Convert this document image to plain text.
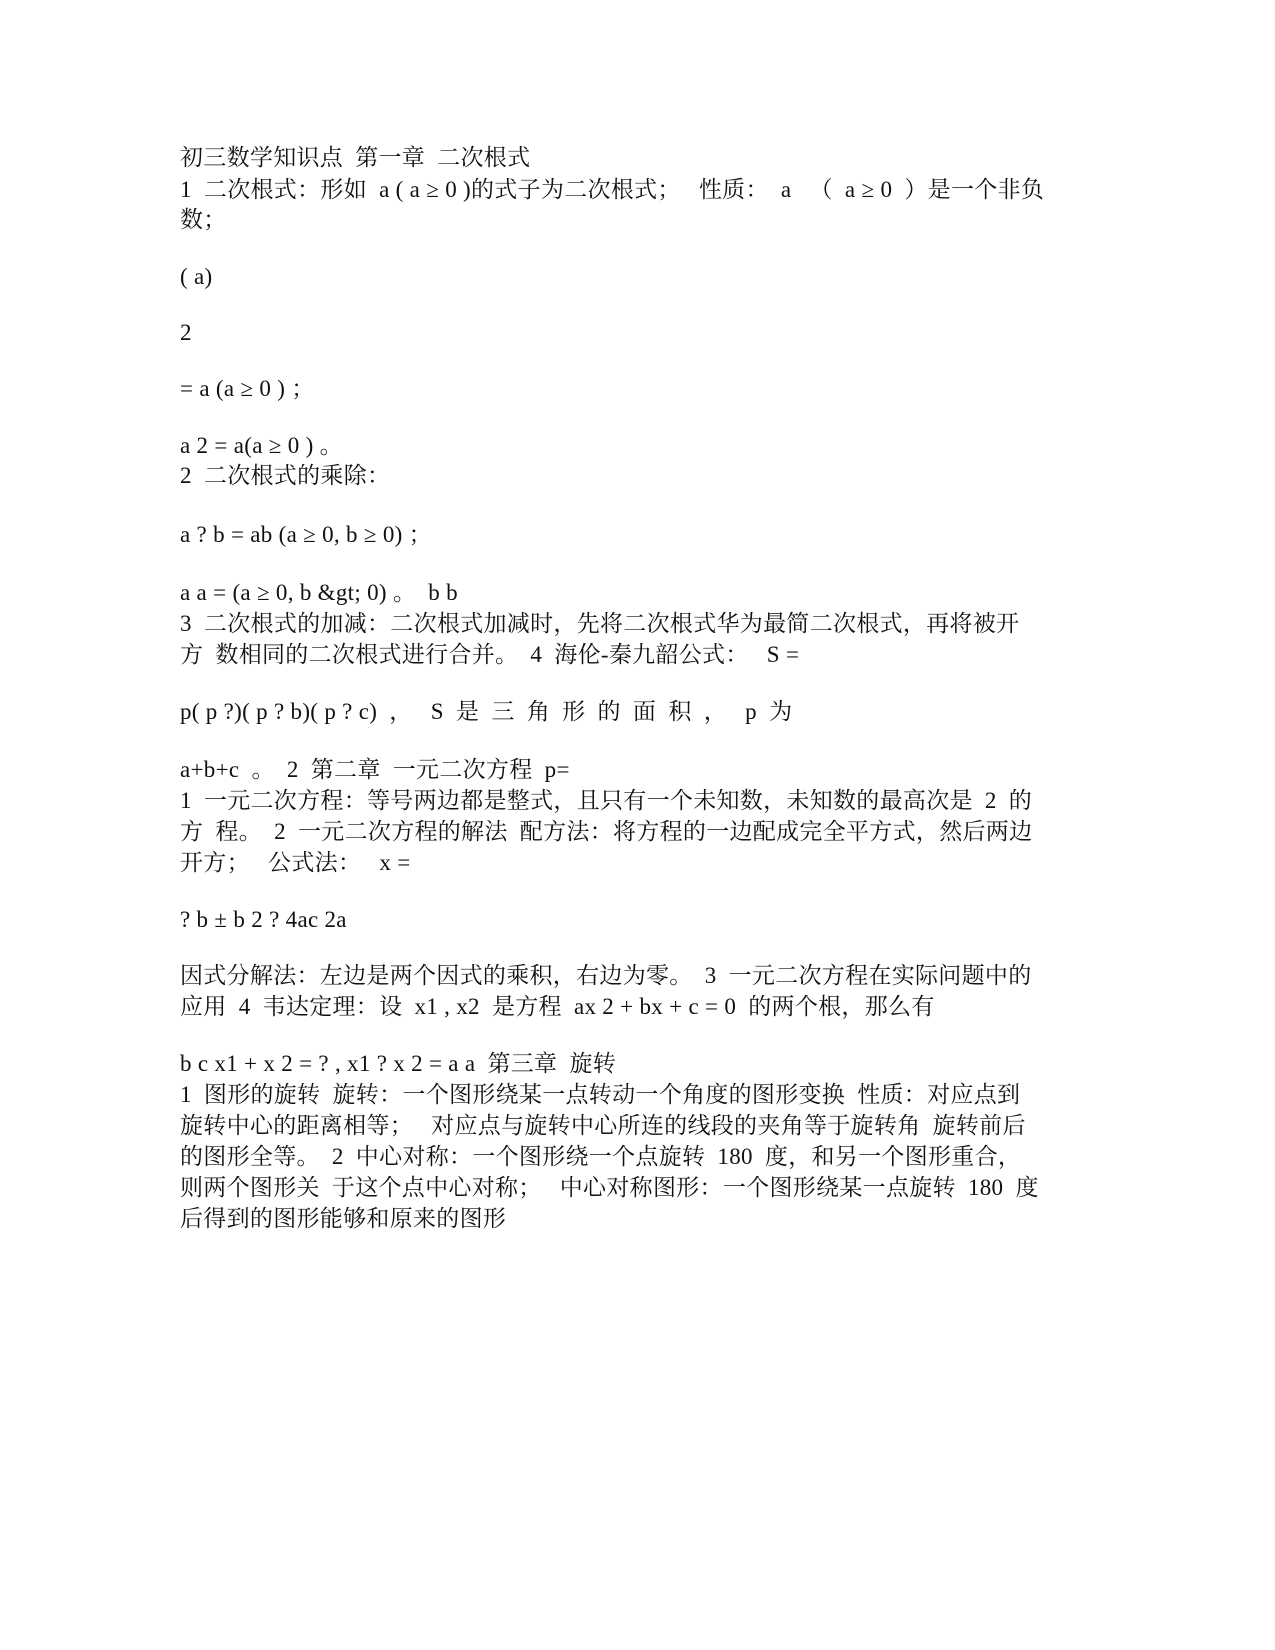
初三数学知识点  第一章  二次根式
1  二次根式：形如  a ( a ≥ 0 )的式子为二次根式；   性质：  a   （  a ≥ 0  ）是一个非负
数；
( a)
2
= a (a ≥ 0 ) ；
a 2 = a(a ≥ 0 ) 。
2  二次根式的乘除：
a ? b = ab (a ≥ 0, b ≥ 0) ；
a a = (a ≥ 0, b &gt; 0) 。  b b
3  二次根式的加减：二次根式加减时，先将二次根式华为最简二次根式，再将被开
方  数相同的二次根式进行合并。  4  海伦-秦九韶公式：   S =
p( p ?)( p ? b)( p ? c)  ，   S  是  三  角  形  的  面  积  ，   p  为
a+b+c  。  2  第二章  一元二次方程  p=
1  一元二次方程：等号两边都是整式，且只有一个未知数，未知数的最高次是  2  的
方  程。  2  一元二次方程的解法  配方法：将方程的一边配成完全平方式，然后两边
开方；   公式法：   x =
? b ± b 2 ? 4ac 2a
因式分解法：左边是两个因式的乘积，右边为零。  3  一元二次方程在实际问题中的
应用  4  韦达定理：设  x1 , x2  是方程  ax 2 + bx + c = 0  的两个根，那么有
b c x1 + x 2 = ? , x1 ? x 2 = a a  第三章  旋转
1  图形的旋转  旋转：一个图形绕某一点转动一个角度的图形变换  性质：对应点到
旋转中心的距离相等；   对应点与旋转中心所连的线段的夹角等于旋转角  旋转前后
的图形全等。  2  中心对称：一个图形绕一个点旋转  180  度，和另一个图形重合，
则两个图形关  于这个点中心对称；   中心对称图形：一个图形绕某一点旋转  180  度
后得到的图形能够和原来的图形
